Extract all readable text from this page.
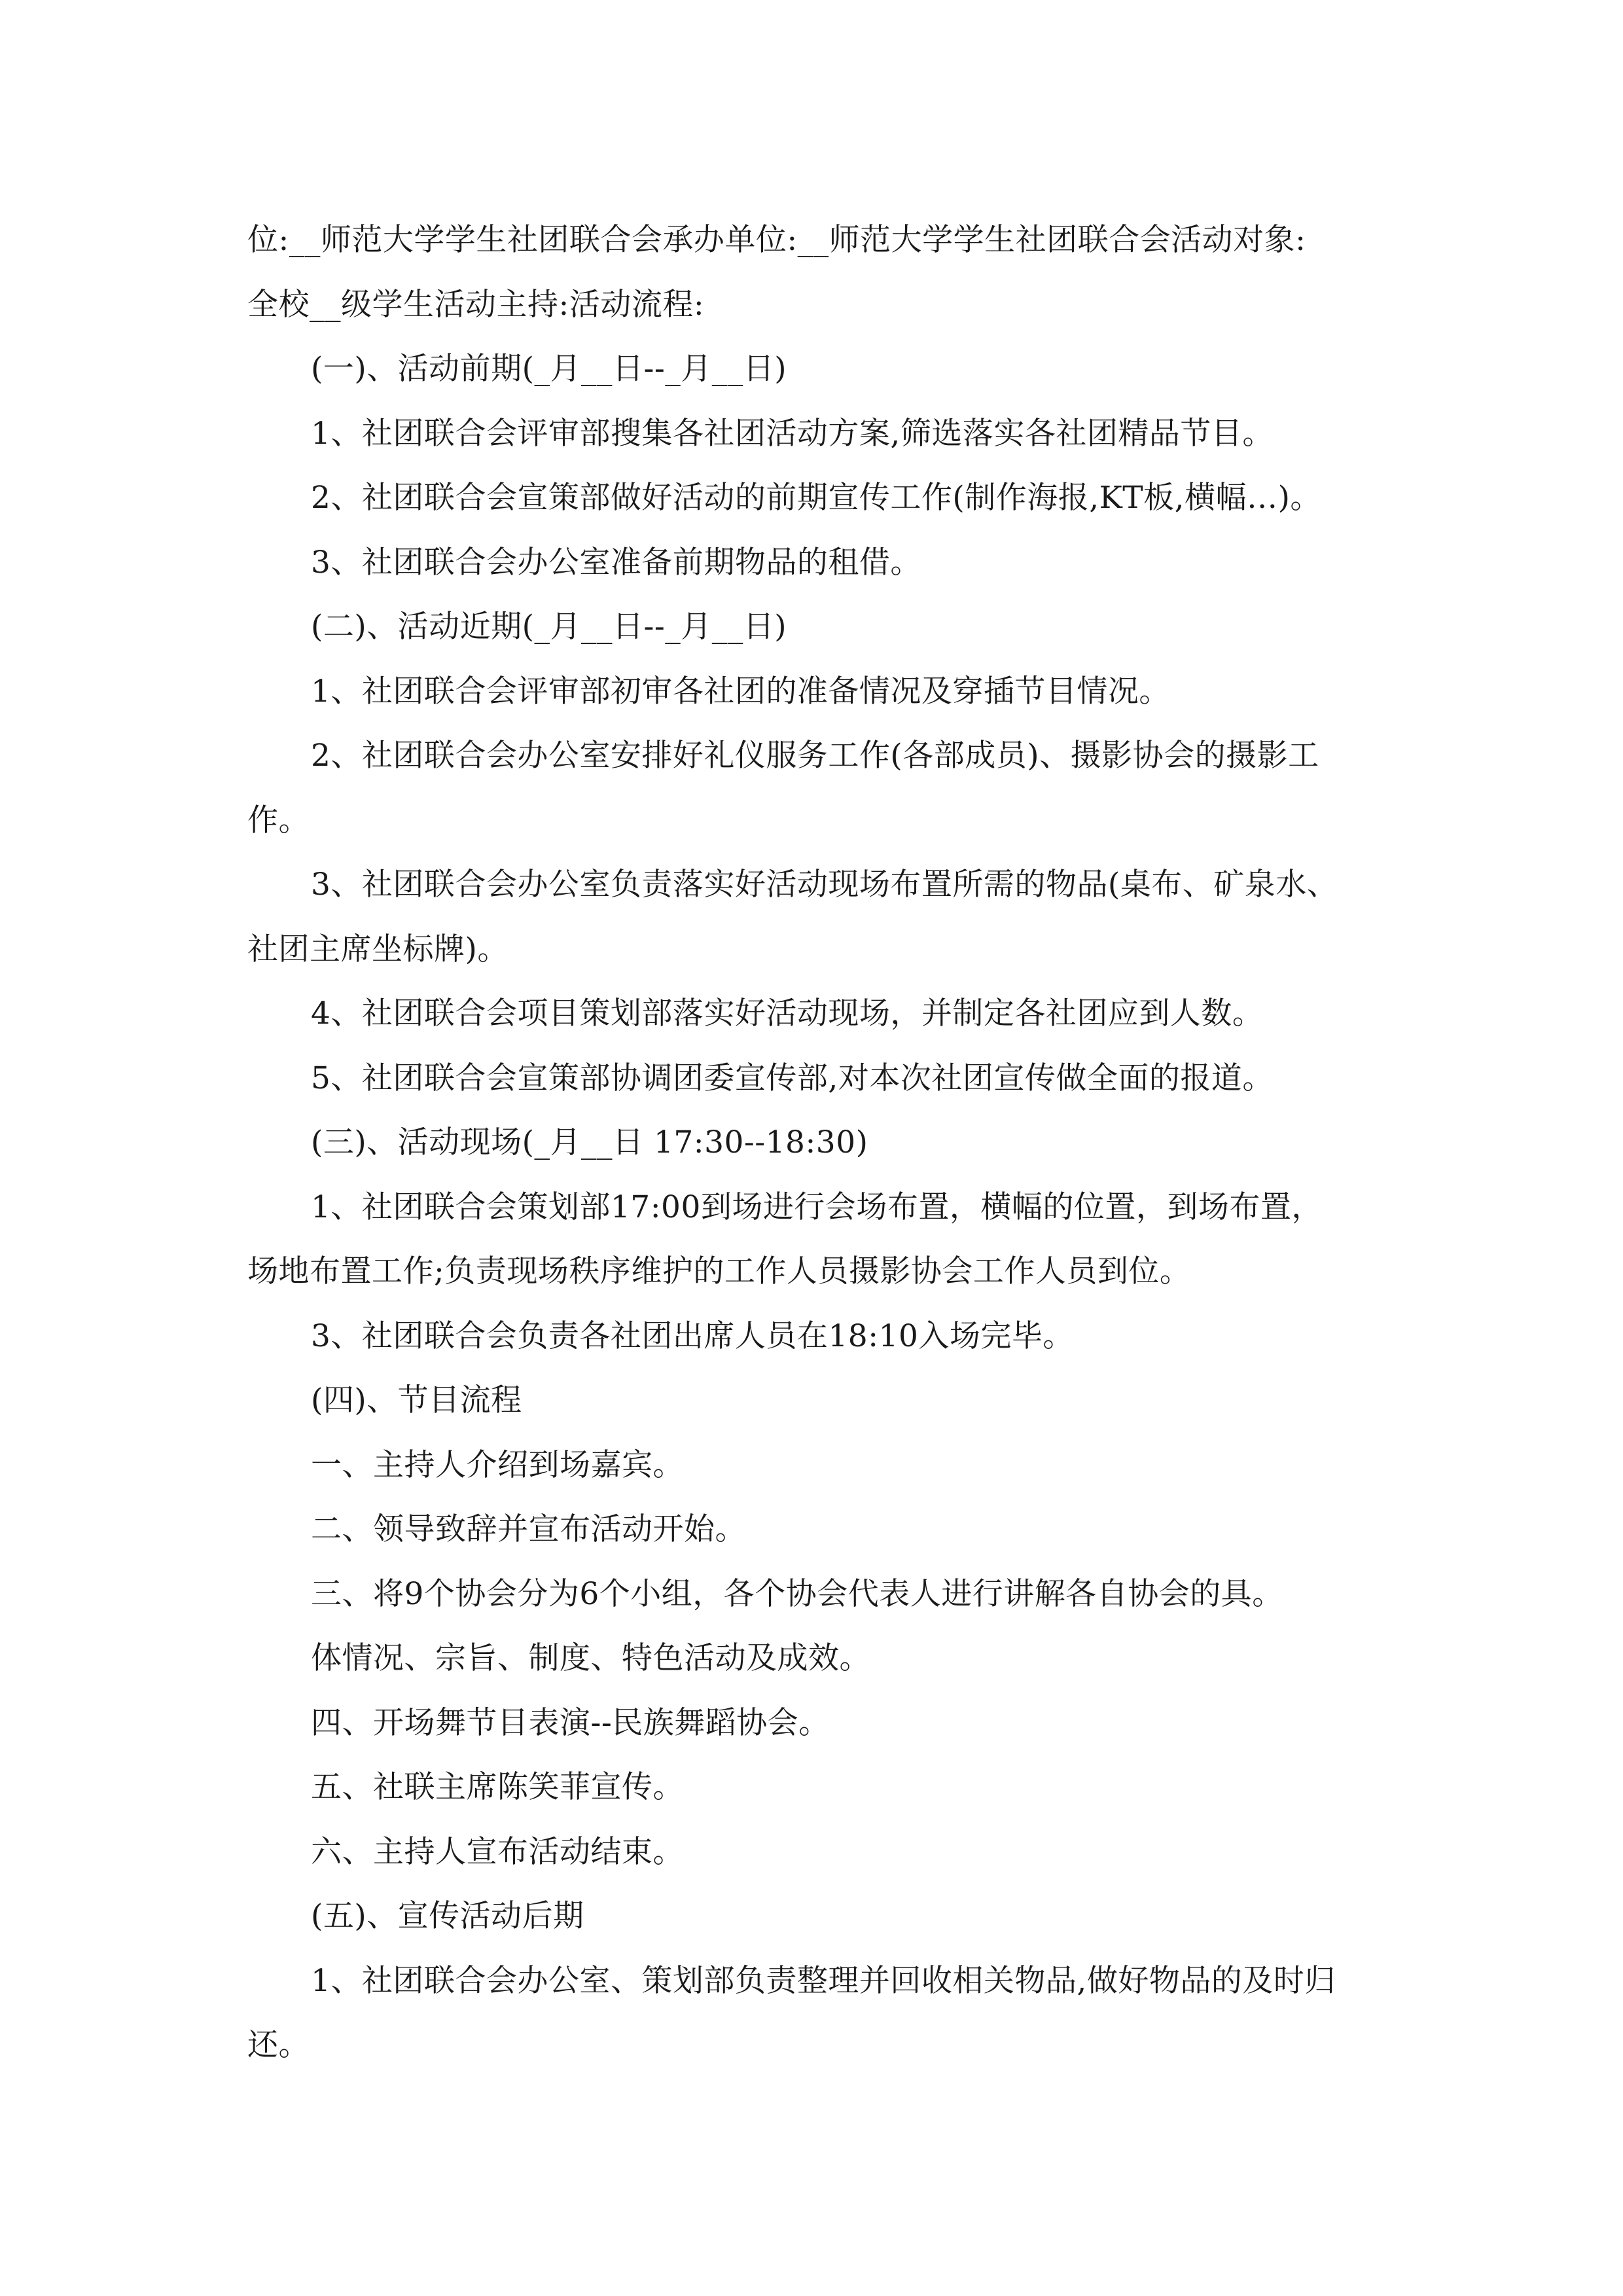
位:__师范大学学生社团联合会承办单位:__师范大学学生社团联合会活动对象:

全校__级学生活动主持:活动流程:

(一)、活动前期(_月__日--_月__日)

1、社团联合会评审部搜集各社团活动方案,筛选落实各社团精品节目。

2、社团联合会宣策部做好活动的前期宣传工作(制作海报,KT板,横幅…)。

3、社团联合会办公室准备前期物品的租借。

(二)、活动近期(_月__日--_月__日)

1、社团联合会评审部初审各社团的准备情况及穿插节目情况。

2、社团联合会办公室安排好礼仪服务工作(各部成员)、摄影协会的摄影工

作。

3、社团联合会办公室负责落实好活动现场布置所需的物品(桌布、矿泉水、

社团主席坐标牌)。

4、社团联合会项目策划部落实好活动现场，并制定各社团应到人数。

5、社团联合会宣策部协调团委宣传部,对本次社团宣传做全面的报道。

(三)、活动现场(_月__日 17:30--18:30)

1、社团联合会策划部17:00到场进行会场布置，横幅的位置，到场布置，

场地布置工作;负责现场秩序维护的工作人员摄影协会工作人员到位。

3、社团联合会负责各社团出席人员在18:10入场完毕。

(四)、节目流程

一、主持人介绍到场嘉宾。

二、领导致辞并宣布活动开始。

三、将9个协会分为6个小组，各个协会代表人进行讲解各自协会的具。

体情况、宗旨、制度、特色活动及成效。

四、开场舞节目表演--民族舞蹈协会。

五、社联主席陈笑菲宣传。

六、主持人宣布活动结束。

(五)、宣传活动后期

1、社团联合会办公室、策划部负责整理并回收相关物品,做好物品的及时归

还。
